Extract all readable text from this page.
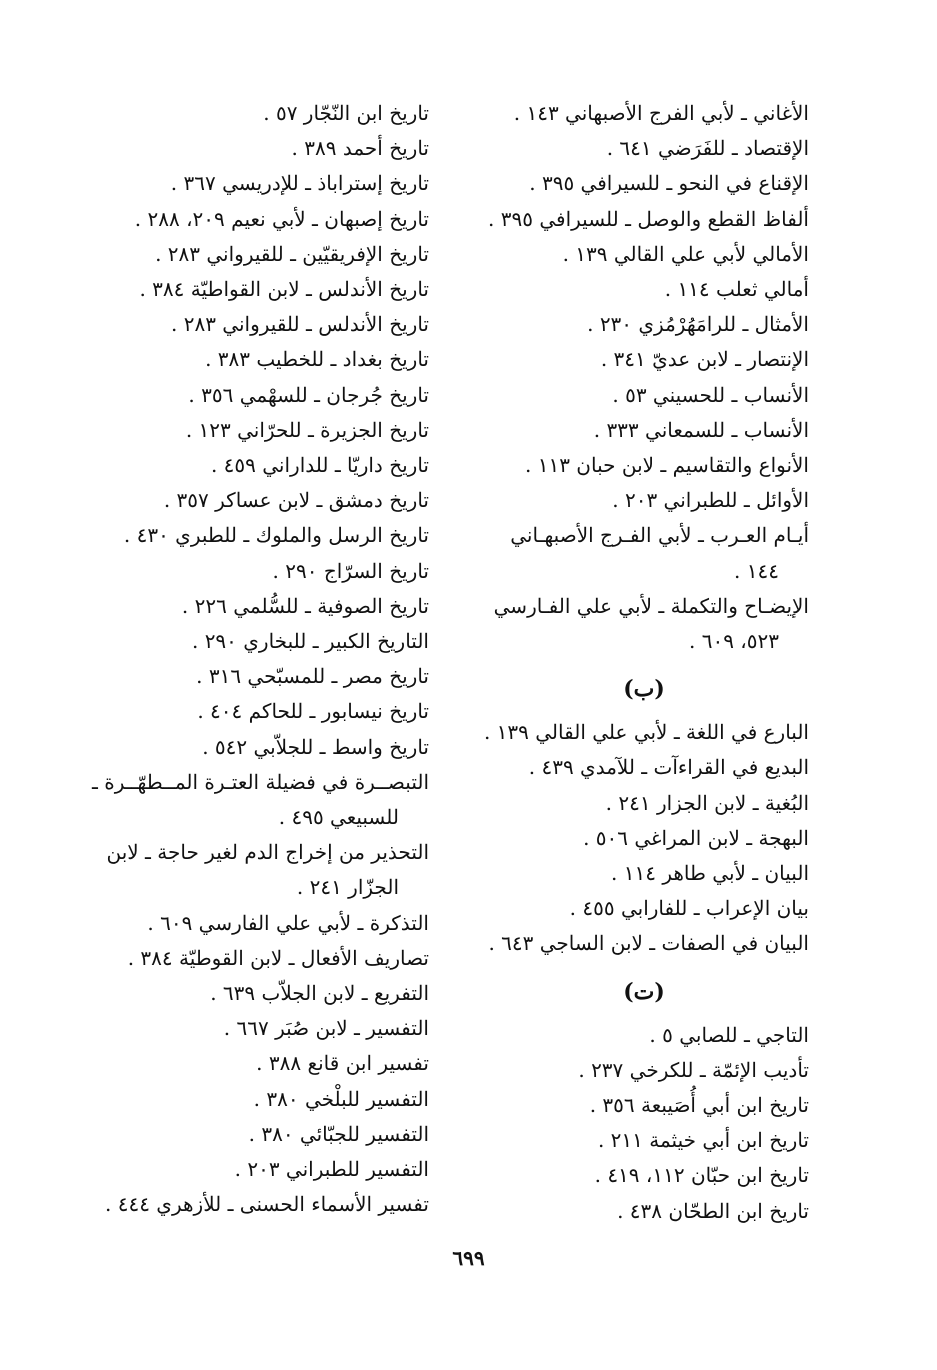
الأغاني ـ لأبي الفرج الأصبهاني ١٤٣ .
الإقتصاد ـ للفَرَضي ٦٤١ .
الإقناع في النحو ـ للسيرافي ٣٩٥ .
ألفاظ القطع والوصل ـ للسيرافي ٣٩٥ .
الأمالي لأبي علي القالي ١٣٩ .
أمالي ثعلب ١١٤ .
الأمثال ـ للرامَهُرْمُزي ٢٣٠ .
الإنتصار ـ لابن عديّ ٣٤١ .
الأنساب ـ للحسيني ٥٣ .
الأنساب ـ للسمعاني ٣٣٣ .
الأنواع والتقاسيم ـ لابن حبان ١١٣ .
الأوائل ـ للطبراني ٢٠٣ .
أيـام العـرب ـ لأبي الفـرج الأصبهـاني
١٤٤ .
الإيضـاح والتكملة ـ لأبي علي الفـارسي
٥٢٣، ٦٠٩ .
(ب)
البارع في اللغة ـ لأبي علي القالي ١٣٩ .
البديع في القراءآت ـ للآمدي ٤٣٩ .
البُغية ـ لابن الجزار ٢٤١ .
البهجة ـ لابن المراغي ٥٠٦ .
البيان ـ لأبي طاهر ١١٤ .
بيان الإعراب ـ للفارابي ٤٥٥ .
البيان في الصفات ـ لابن الساجي ٦٤٣ .
(ت)
التاجي ـ للصابي ٥ .
تأديب الإئمّة ـ للكرخي ٢٣٧ .
تاريخ ابن أبي أُصَيبعة ٣٥٦ .
تاريخ ابن أبي خيثمة ٢١١ .
تاريخ ابن حبّان ١١٢، ٤١٩ .
تاريخ ابن الطحّان ٤٣٨ .
تاريخ ابن النّجّار ٥٧ .
تاريخ أحمد ٣٨٩ .
تاريخ إستراباذ ـ للإدريسي ٣٦٧ .
تاريخ إصبهان ـ لأبي نعيم ٢٠٩، ٢٨٨ .
تاريخ الإفريقيّين ـ للقيرواني ٢٨٣ .
تاريخ الأندلس ـ لابن القواطيّة ٣٨٤ .
تاريخ الأندلس ـ للقيرواني ٢٨٣ .
تاريخ بغداد ـ للخطيب ٣٨٣ .
تاريخ جُرجان ـ للسهْمي ٣٥٦ .
تاريخ الجزيرة ـ للحرّاني ١٢٣ .
تاريخ داريّا ـ للداراني ٤٥٩ .
تاريخ دمشق ـ لابن عساكر ٣٥٧ .
تاريخ الرسل والملوك ـ للطبري ٤٣٠ .
تاريخ السرّاج ٢٩٠ .
تاريخ الصوفية ـ للسُّلمي ٢٢٦ .
التاريخ الكبير ـ للبخاري ٢٩٠ .
تاريخ مصر ـ للمسبّحي ٣١٦ .
تاريخ نيسابور ـ للحاكم ٤٠٤ .
تاريخ واسط ـ للجلاّبي ٥٤٢ .
التبصــرة في فضيلة العتـرة المــطهّــرة ـ
للسبيعي ٤٩٥ .
التحذير من إخراج الدم لغير حاجة ـ لابن
الجزّار ٢٤١ .
التذكرة ـ لأبي علي الفارسي ٦٠٩ .
تصاريف الأفعال ـ لابن القوطيّة ٣٨٤ .
التفريع ـ لابن الجلاّب ٦٣٩ .
التفسير ـ لابن صُبَر ٦٦٧ .
تفسير ابن قانع ٣٨٨ .
التفسير للبلْخي ٣٨٠ .
التفسير للجبّائي ٣٨٠ .
التفسير للطبراني ٢٠٣ .
تفسير الأسماء الحسنى ـ للأزهري ٤٤٤ .
٦٩٩
